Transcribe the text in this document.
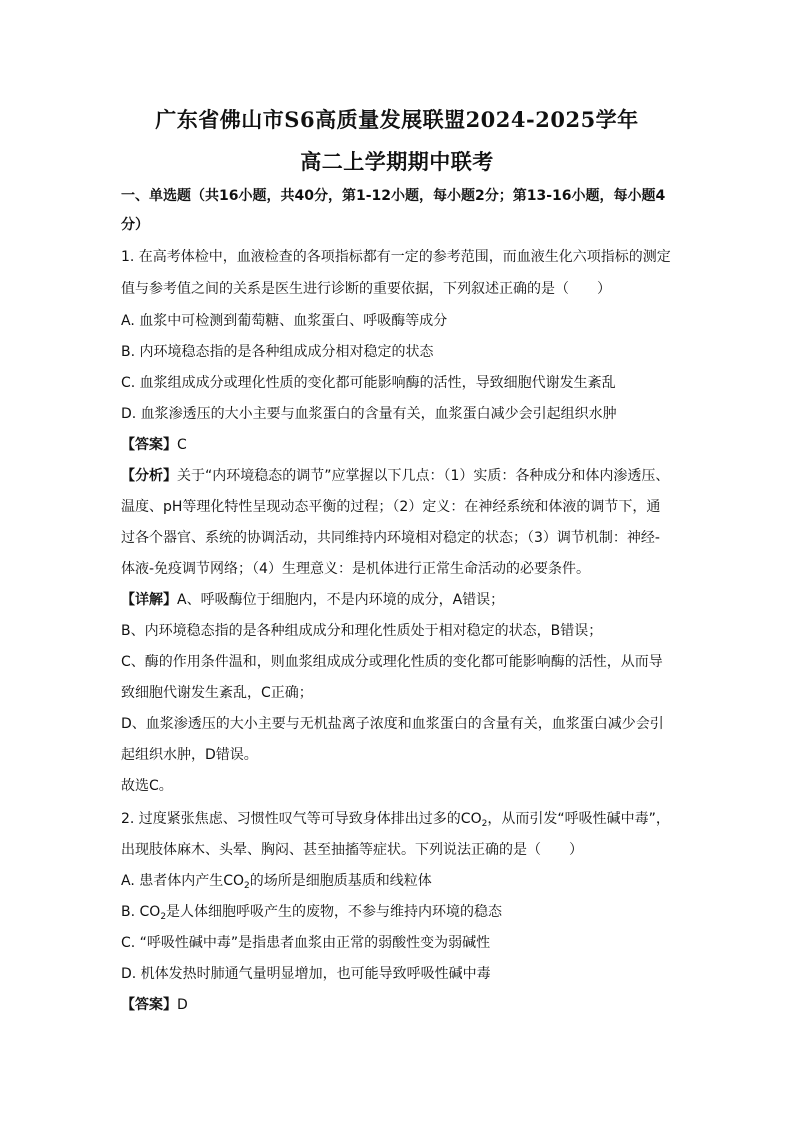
广东省佛山市S6高质量发展联盟2024-2025学年
高二上学期期中联考
一、单选题（共16小题，共40分，第1-12小题，每小题2分；第13-16小题，每小题4
分）
1. 在高考体检中，血液检查的各项指标都有一定的参考范围，而血液生化六项指标的测定
值与参考值之间的关系是医生进行诊断的重要依据，下列叙述正确的是（　　）
A. 血浆中可检测到葡萄糖、血浆蛋白、呼吸酶等成分
B. 内环境稳态指的是各种组成成分相对稳定的状态
C. 血浆组成成分或理化性质的变化都可能影响酶的活性，导致细胞代谢发生紊乱
D. 血浆渗透压的大小主要与血浆蛋白的含量有关，血浆蛋白减少会引起组织水肿
【答案】C
【分析】关于“内环境稳态的调节”应掌握以下几点：（1）实质：各种成分和体内渗透压、
温度、pH等理化特性呈现动态平衡的过程；（2）定义：在神经系统和体液的调节下，通
过各个器官、系统的协调活动，共同维持内环境相对稳定的状态；（3）调节机制：神经-
体液-免疫调节网络；（4）生理意义：是机体进行正常生命活动的必要条件。
【详解】A、呼吸酶位于细胞内，不是内环境的成分，A错误；
B、内环境稳态指的是各种组成成分和理化性质处于相对稳定的状态，B错误；
C、酶的作用条件温和，则血浆组成成分或理化性质的变化都可能影响酶的活性，从而导
致细胞代谢发生紊乱，C正确；
D、血浆渗透压的大小主要与无机盐离子浓度和血浆蛋白的含量有关，血浆蛋白减少会引
起组织水肿，D错误。
故选C。
2. 过度紧张焦虑、习惯性叹气等可导致身体排出过多的$CO_2$，从而引发“呼吸性碱中毒”，
出现肢体麻木、头晕、胸闷、甚至抽搐等症状。下列说法正确的是（　　）
A. 患者体内产生$CO_2$的场所是细胞质基质和线粒体
B. $CO_2$是人体细胞呼吸产生的废物，不参与维持内环境的稳态
C. “呼吸性碱中毒”是指患者血浆由正常的弱酸性变为弱碱性
D. 机体发热时肺通气量明显增加，也可能导致呼吸性碱中毒
【答案】D
